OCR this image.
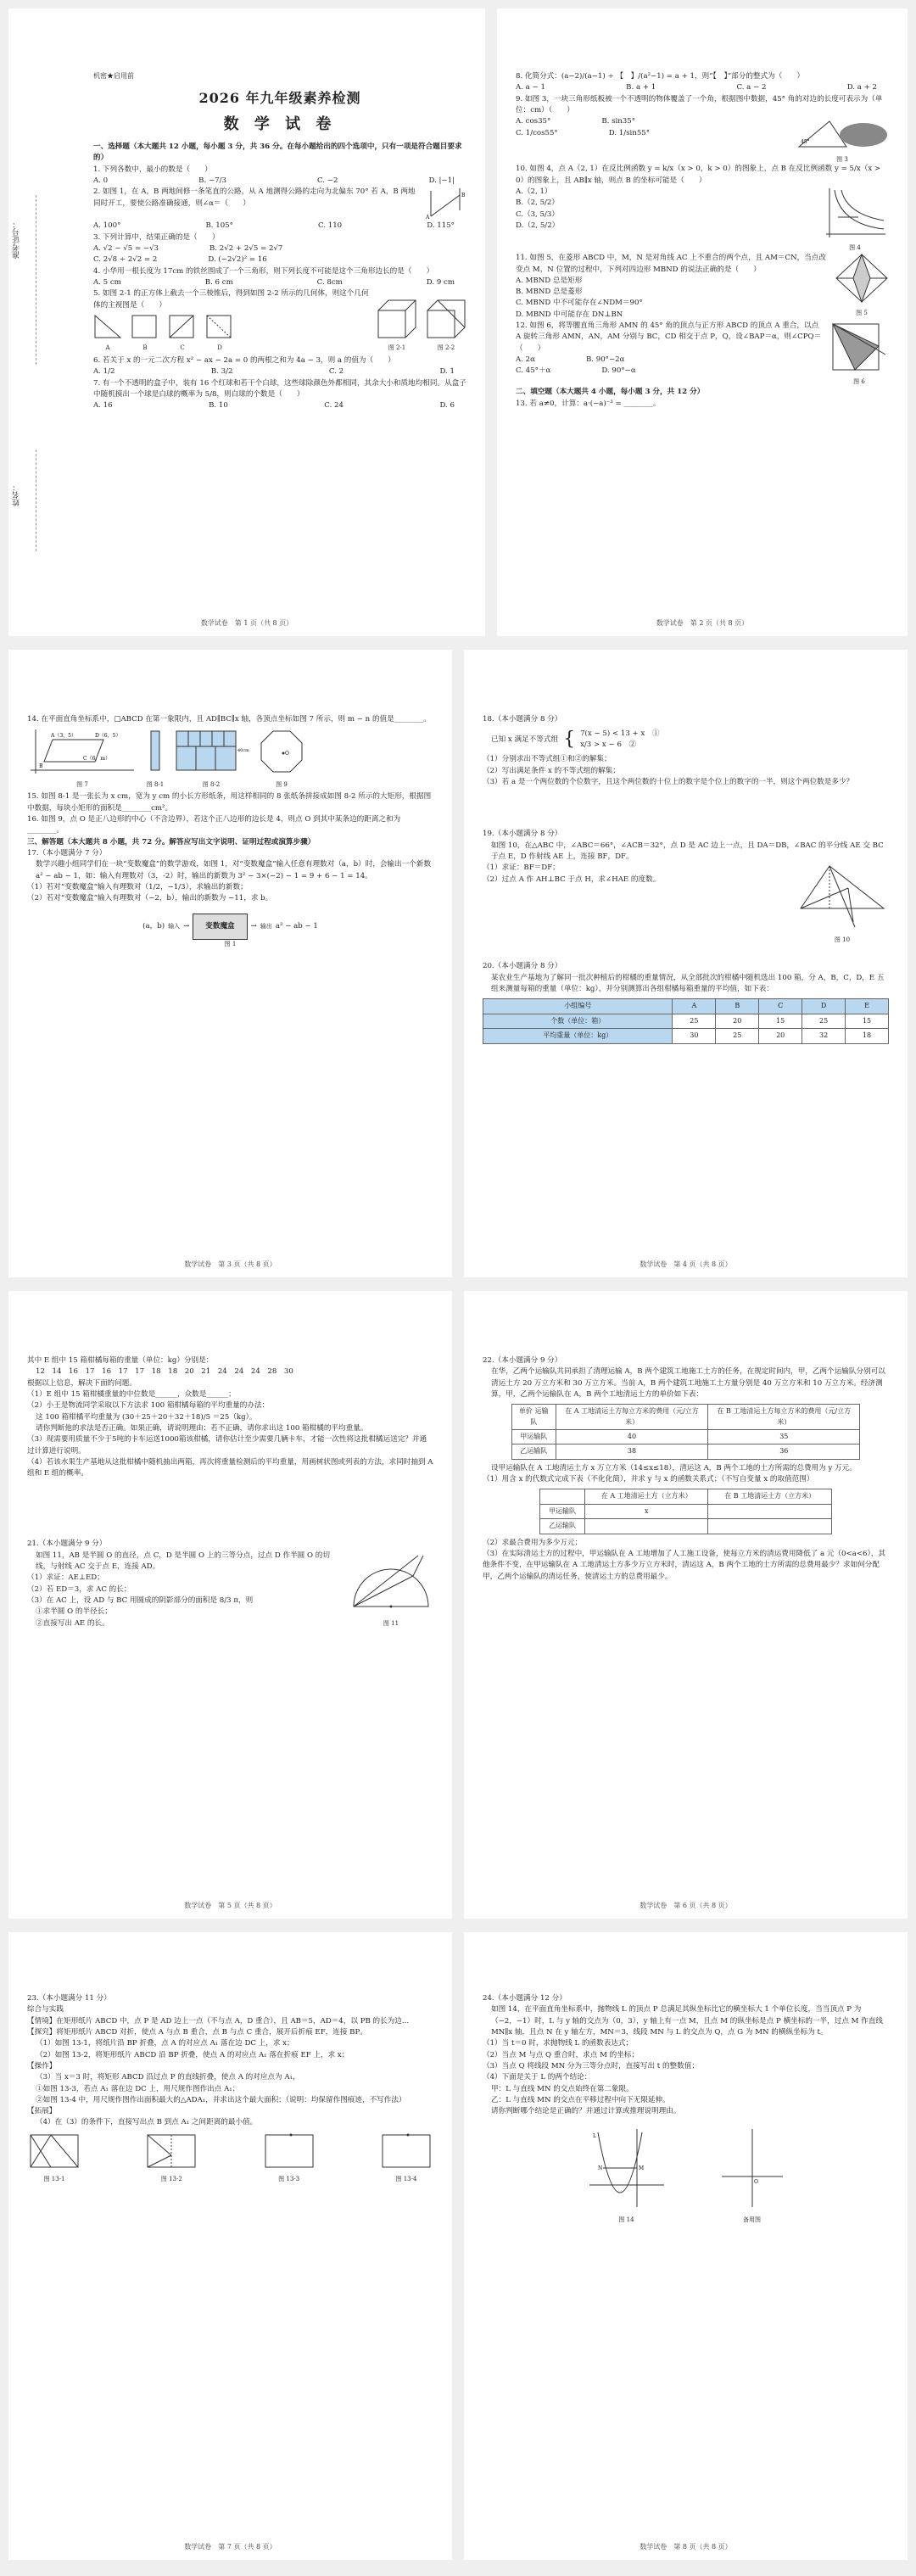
准考证号：
姓名：

机密★启用前

2026 年九年级素养检测
数 学 试 卷

一、选择题（本大题共 12 小题，每小题 3 分，共 36 分。在每小题给出的四个选项中，只有一项是符合题目要求的）

1. 下列各数中，最小的数是（　　）

A. 0	B. −7/3	C. −2	D. |−1|

2. 如图 1，在 A，B 两地间修一条笔直的公路，从 A 地测得公路的走向为北偏东 70° 若 A，B 两地同时开工，要使公路准确接通，则∠α＝（　　）

A
B
A. 100°	B. 105°	C. 110	D. 115°

3. 下列计算中，结果正确的是（　　）

A. √2 − √5 = −√3	B. 2√2 + 2√5 = 2√7
C. 2√8 ÷ 2√2 = 2	D. (−2√2)² = 16

4. 小华用一根长度为 17cm 的铁丝围成了一个三角形，则下列长度不可能是这个三角形边长的是（　　）

A. 5 cm	B. 6 cm	C. 8cm	D. 9 cm

5. 如图 2-1 的正方体上截去一个三棱锥后，得到如图 2-2 所示的几何体，则这个几何体的主视图是（　　）

A	B	C	D	图 2-1	图 2-2

6. 若关于 x 的一元二次方程 x² − ax − 2a = 0 的两根之和为 4a − 3，则 a 的值为（　　）

A. 1/2	B. 3/2	C. 2	D. 1

7. 有一个不透明的盒子中，装有 16 个红球和若干个白球，这些球除颜色外都相同，其余大小和质地均相同。从盒子中随机摸出一个球是白球的概率为 5/8，则白球的个数是（　　）

A. 16	B. 10	C. 24	D. 6
数学试卷　第 1 页（共 8 页）

8. 化简分式：(a−2)/(a−1) ÷ 【　】/(a²−1) = a + 1，则“【　】”部分的整式为（　　）

A. a − 1	B. a + 1	C. a − 2	D. a + 2

9. 如图 3，一块三角形纸板被一个不透明的物体覆盖了一个角，根据图中数据，45° 角的对边的长度可表示为（单位：cm）（　　）

A. cos35°	B. sin35°
C. 1/cos55°	D. 1/sin55°
45°
图 3

10. 如图 4，点 A（2, 1）在反比例函数 y = k/x（x > 0，k > 0）的图象上，点 B 在反比例函数 y = 5/x（x > 0）的图象上，且 AB∥x 轴，则点 B 的坐标可能是（　　）

A.（2, 1）

B.（2, 5/2）

C.（3, 5/3）

D.（2, 5/2）

图 4

11. 如图 5，在菱形 ABCD 中，M，N 是对角线 AC 上不重合的两个点，且 AM＝CN，当点改变点 M，N 位置的过程中，下列对四边形 MBND 的说法正确的是（　　）

A. MBND 总是矩形

B. MBND 总是菱形

C. MBND 中不可能存在∠NDM＝90°

D. MBND 中可能存在 DN⊥BN	图 5

12. 如图 6，将等腰直角三角形 AMN 的 45° 角的顶点与正方形 ABCD 的顶点 A 重合，以点 A 旋转三角形 AMN，AN，AM 分别与 BC，CD 相交于点 P，Q，设∠BAP＝α，则∠CPQ＝（　　）

A. 2α	B. 90°−2α
C. 45°＋α	D. 90°−α
图 6

二、填空题（本大题共 4 小题，每小题 3 分，共 12 分）

13. 若 a≠0，计算：a·(−a)⁻³ = ________。

数学试卷　第 2 页（共 8 页）

14. 在平面直角坐标系中，□ABCD 在第一象限内，且 AD∥BC∥x 轴，各顶点坐标如图 7 所示，则 m − n 的值是________。

A（3，5）	D（6，5）
B
C（6，m）
图 7	图 8-1
40cm
图 8-2
O
图 9

15. 如图 8-1 是一张长为 x cm，宽为 y cm 的小长方形纸条，用这样相同的 8 张纸条拼接成如图 8-2 所示的大矩形，根据图中数据，每块小矩形的面积是________cm²。

16. 如图 9，点 O 是正八边形的中心（不含边界），若这个正八边形的边长是 4，则点 O 到其中某条边的距离之和为________。

三、解答题（本大题共 8 小题，共 72 分。解答应写出文字说明、证明过程或演算步骤）

17.（本小题满分 7 分）

数学兴趣小组同学们在一块“变数魔盒”的数学游戏，如图 1，对“变数魔盒”输入任意有理数对（a，b）时，会输出一个新数 a² − ab − 1，如：输入有理数对（3，-2）时，输出的新数为 3² − 3×(−2) − 1 = 9 + 6 − 1 = 14。

（1）若对“变数魔盒”输入有理数对（1/2，−1/3），求输出的新数；

（2）若对“变数魔盒”输入有理数对（−2，b），输出的新数为 −11，求 b。

(a，b) 输入 →	变数魔盒	→ 输出 a² − ab − 1
图 1
数学试卷　第 3 页（共 8 页）

18.（本小题满分 8 分）

已知 x 满足不等式组 { 7(x − 5) < 13 + x　①

x/3 > x − 6　②

（1）分别求出不等式组①和②的解集；

（2）写出满足条件 x 的不等式组的解集；

（3）若 a 是一个两位数的个位数字，且这个两位数的十位上的数字是个位上的数字的一半，则这个两位数是多少？

19.（本小题满分 8 分）

如图 10，在△ABC 中，∠ABC＝66°，∠ACB＝32°，点 D 是 AC 边上一点，且 DA＝DB，∠BAC 的平分线 AE 交 BC 于点 E，D 作射线 AE 上，连接 BF，DF。

（1）求证：BF＝DF；

（2）过点 A 作 AH⊥BC 于点 H，求∠HAE 的度数。

图 10

20.（本小题满分 8 分）

某农业生产基地为了解同一批次种植后的柑橘的重量情况，从全部批次的柑橘中随机选出 100 箱，分 A，B，C，D，E 五组来测量每箱的重量（单位：kg），并分别测算出各组柑橘每箱重量的平均值，如下表：

小组编号	A	B	C	D	E
个数（单位：箱）	25	20	15	25	15
平均重量（单位：kg）	30	25	20	32	18
数学试卷　第 4 页（共 8 页）

其中 E 组中 15 箱柑橘每箱的重量（单位：kg）分别是：

12　14　16　17　16　17　17　18　18　20　21　24　24　24　28　30

根据以上信息，解决下面的问题。

（1）E 组中 15 箱柑橘重量的中位数是______，众数是______；

（2）小王是物流同学采取以下方法求 100 箱柑橘每箱的平均重量的办法：

这 100 箱柑橘平均重量为 (30＋25＋20＋32＋18)/5 ＝25（kg）。

请你判断他的求法是否正确。如果正确，请说明理由；若不正确，请你求出这 100 箱柑橘的平均重量。

（3）现需要用质量不少于5吨的卡车运送1000箱该柑橘，请你估计至少需要几辆卡车，才能一次性将这批柑橘运送完？并通过计算进行说明。

（4）若该水果生产基地从这批柑橘中随机抽出两箱，再次将重量检测后的平均重量，用画树状图或列表的方法，求同时抽到 A 组和 E 组的概率。

21.（本小题满分 9 分）

如图 11，AB 是半圆 O 的直径，点 C，D 是半圆 O 上的三等分点，过点 D 作半圆 O 的切线，与射线 AC 交于点 E，连接 AD。

（1）求证：AE⊥ED；

（2）若 ED＝3，求 AC 的长；

（3）在 AC 上，设 AD 与 BC 用圆成的阴影部分的面积是 8/3 π，则

①求半圆 O 的半径长；

②直接写出 AE 的长。	图 11
数学试卷　第 5 页（共 8 页）

22.（本小题满分 9 分）

在华，乙两个运输队共同承担了清理运输 A，B 两个建筑工地施工土方的任务，在规定时间内，甲，乙两个运输队分别可以清运土方 20 万立方米和 30 万立方米。当前 A，B 两个建筑工地施工土方量分别是 40 万立方米和 10 万立方米。经济测算，甲，乙两个运输队在 A，B 两个工地清运土方的单价如下表：

单价 运输队	在 A 工地清运土方每立方米的费用（元/立方米）	在 B 工地清运土方每立方米的费用（元/立方米）
甲运输队	40	35
乙运输队	38	36

设甲运输队在 A 工地清运土方 x 万立方米（14≤x≤18），清运这 A，B 两个工地的土方所需的总费用为 y 万元。

（1）用含 x 的代数式完成下表（不化化简），并求 y 与 x 的函数关系式；（不写自变量 x 的取值范围）

	在 A 工地清运土方（立方米）	在 B 工地清运土方（立方米）
甲运输队	x	
乙运输队		

（2）求最合费用为多少万元；

（3）在实际清运土方的过程中，甲运输队在 A 工地增加了人工施工设备，使每立方米的清运费用降低了 a 元（0<a<6），其他条件不变，在甲运输队在 A 工地清运土方多少万立方米时，清运这 A，B 两个工地的土方所需的总费用最少？求如何分配甲，乙两个运输队的清运任务，使清运土方的总费用最少。

数学试卷　第 6 页（共 8 页）

23.（本小题满分 11 分）

综合与实践

【情境】在矩形纸片 ABCD 中，点 P 是 AD 边上一点（不与点 A，D 重合），且 AB＝5，AD＝4，以 PB 的长为边...

【探究】将矩形纸片 ABCD 对折，使点 A 与点 B 重合，点 B 与点 C 重合，展开后折痕 EF，连接 BP。

（1）如图 13-1，将纸片沿 BP 折叠，点 A 的对应点 A₁ 落在边 DC 上，求 x；

（2）如图 13-2，将矩形纸片 ABCD 沿 BP 折叠，使点 A 的对应点 A₁ 落在折痕 EF 上，求 x；

【操作】

（3）当 x＝3 时，将矩形 ABCD 沿过点 P 的直线折叠，使点 A 的对应点为 A₁，

①如图 13-3，若点 A₁ 落在边 DC 上，用尺规作图作出点 A₁；

②如图 13-4 中，用尺规作图作出面积最大的△ADA₁，并求出这个最大面积；（说明：均保留作图痕迹，不写作法）

【拓展】

（4）在（3）的条件下，直接写出点 B 到点 A₁ 之间距离的最小值。

图 13-1	图 13-2	图 13-3	图 13-4
数学试卷　第 7 页（共 8 页）

24.（本小题满分 12 分）

如图 14，在平面直角坐标系中，抛物线 L 的顶点 P 总满足其纵坐标比它的横坐标大 1 个单位长度，当当顶点 P 为（−2，−1）时，L 与 y 轴的交点为（0，3），y 轴上有一点 M，且点 M 的纵坐标是点 P 横坐标的一半，过点 M 作直线 MN∥x 轴，且点 N 在 y 轴左方，MN＝3，线段 MN 与 L 的交点为 Q，点 G 为 MN 的横纵坐标为 t。

（1）当 t＝0 时，求抛物线 L 的函数表达式；

（2）当点 M 与点 Q 重合时，求点 M 的坐标；

（3）当点 Q 将线段 MN 分为三等分点时，直接写出 t 的整数值；

（4）下面是关于 L 的两个结论：

甲：L 与直线 MN 的交点始终在第二象限。

乙：L 与直线 MN 的交点在平移过程中向下无限延伸。

请你判断哪个结论是正确的？并通过计算或推理说明理由。

L
M
N
图 14
O
备用图
数学试卷　第 8 页（共 8 页）
